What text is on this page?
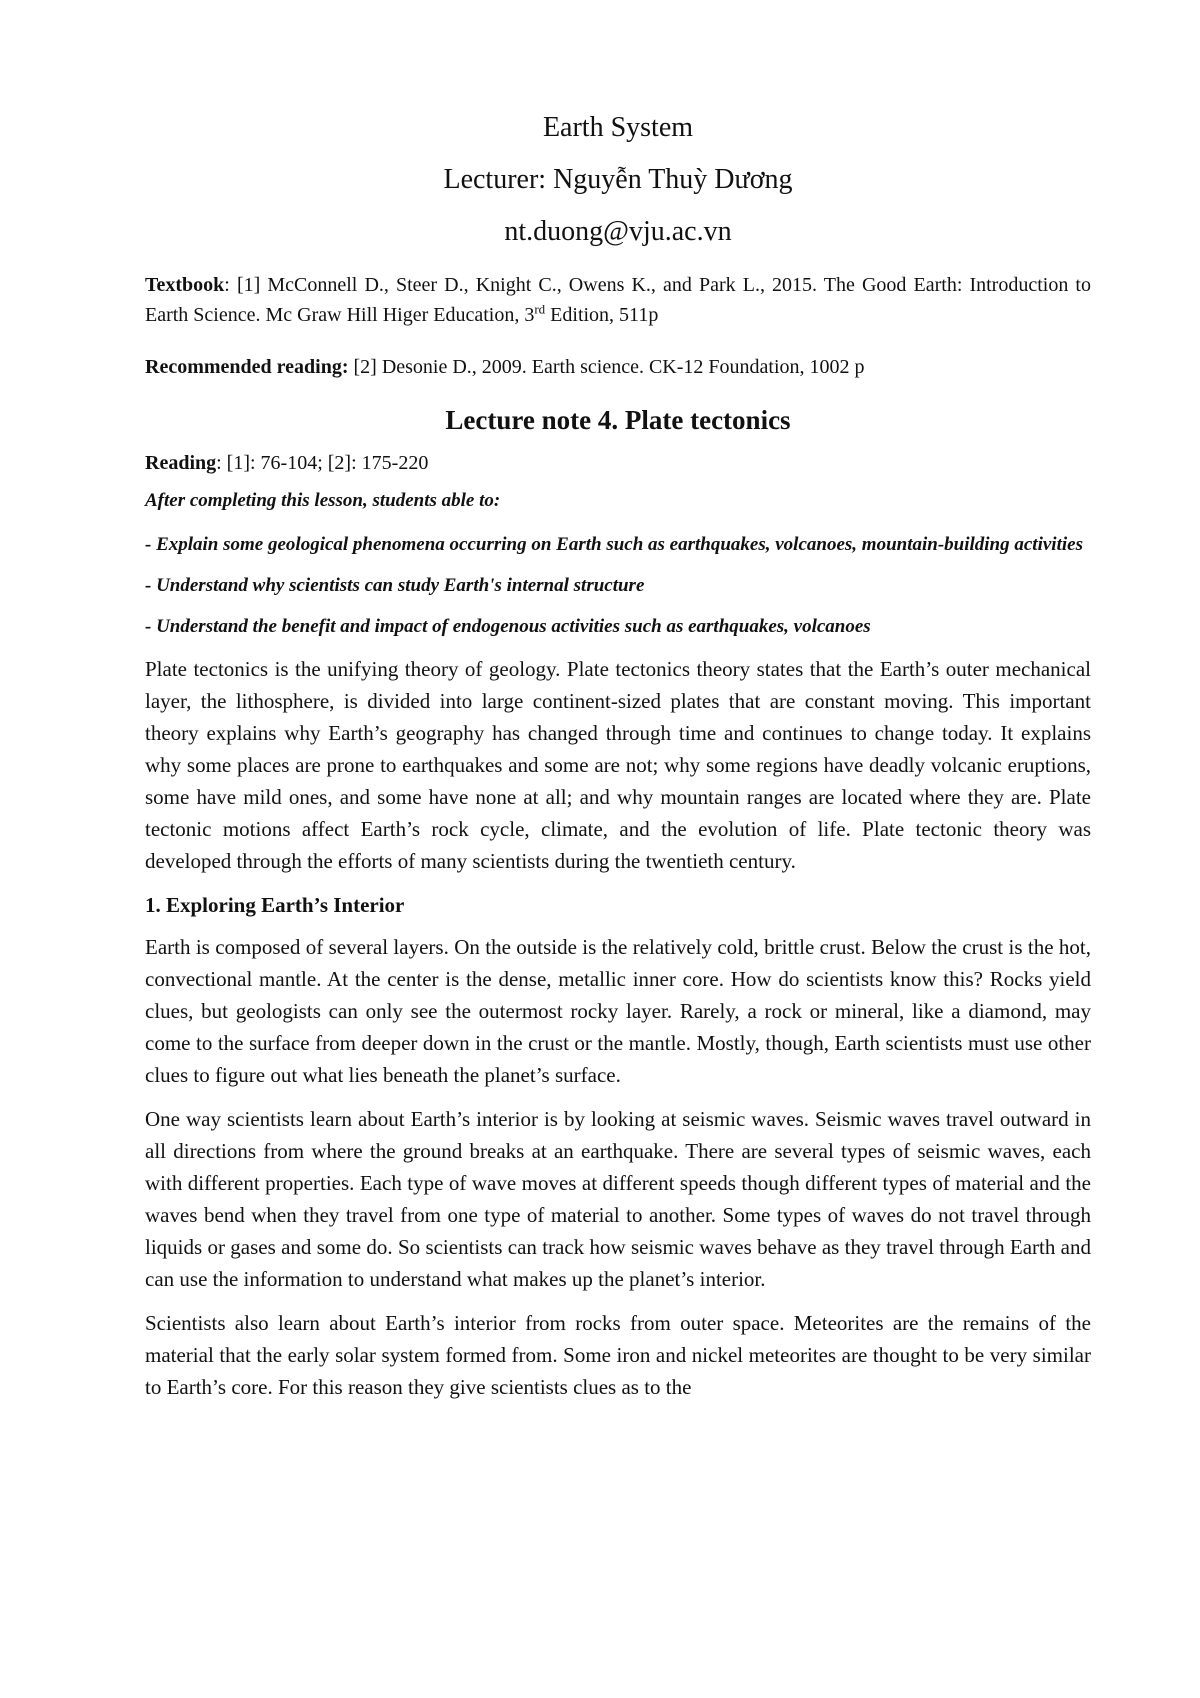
Earth System
Lecturer: Nguyễn Thuỳ Dương
nt.duong@vju.ac.vn

Textbook: [1] McConnell D., Steer D., Knight C., Owens K., and Park L., 2015. The Good Earth: Introduction to Earth Science. Mc Graw Hill Higer Education, 3rd Edition, 511p

Recommended reading: [2] Desonie D., 2009. Earth science. CK-12 Foundation, 1002 p

Lecture note 4. Plate tectonics

Reading: [1]: 76-104; [2]: 175-220

After completing this lesson, students able to:

- Explain some geological phenomena occurring on Earth such as earthquakes, volcanoes, mountain-building activities

- Understand why scientists can study Earth's internal structure

- Understand the benefit and impact of endogenous activities such as earthquakes, volcanoes

Plate tectonics is the unifying theory of geology. Plate tectonics theory states that the Earth’s outer mechanical layer, the lithosphere, is divided into large continent-sized plates that are constant moving. This important theory explains why Earth’s geography has changed through time and continues to change today. It explains why some places are prone to earthquakes and some are not; why some regions have deadly volcanic eruptions, some have mild ones, and some have none at all; and why mountain ranges are located where they are. Plate tectonic motions affect Earth’s rock cycle, climate, and the evolution of life. Plate tectonic theory was developed through the efforts of many scientists during the twentieth century.

1. Exploring Earth’s Interior

Earth is composed of several layers. On the outside is the relatively cold, brittle crust. Below the crust is the hot, convectional mantle. At the center is the dense, metallic inner core. How do scientists know this? Rocks yield clues, but geologists can only see the outermost rocky layer. Rarely, a rock or mineral, like a diamond, may come to the surface from deeper down in the crust or the mantle. Mostly, though, Earth scientists must use other clues to figure out what lies beneath the planet’s surface.

One way scientists learn about Earth’s interior is by looking at seismic waves. Seismic waves travel outward in all directions from where the ground breaks at an earthquake. There are several types of seismic waves, each with different properties. Each type of wave moves at different speeds though different types of material and the waves bend when they travel from one type of material to another. Some types of waves do not travel through liquids or gases and some do. So scientists can track how seismic waves behave as they travel through Earth and can use the information to understand what makes up the planet’s interior.

Scientists also learn about Earth’s interior from rocks from outer space. Meteorites are the remains of the material that the early solar system formed from. Some iron and nickel meteorites are thought to be very similar to Earth’s core. For this reason they give scientists clues as to the
